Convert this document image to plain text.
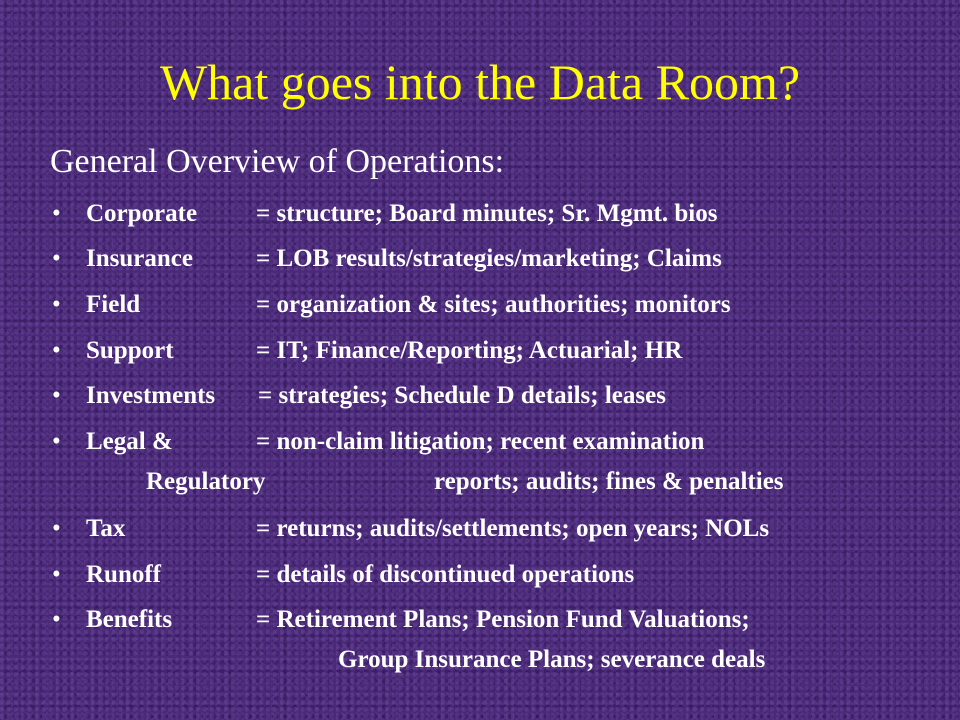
What goes into the Data Room?
General Overview of Operations:
• Corporate = structure; Board minutes; Sr. Mgmt. bios
• Insurance	= LOB results/strategies/marketing; Claims
• Field	= organization & sites; authorities; monitors
• Support	= IT; Finance/Reporting; Actuarial; HR
• Investments = strategies; Schedule D details; leases
• Legal &	= non-claim litigation; recent examination
Regulatory	reports; audits; fines & penalties
• Tax	= returns; audits/settlements; open years; NOLs
• Runoff	= details of discontinued operations
• Benefits	= Retirement Plans; Pension Fund Valuations;
Group Insurance Plans; severance deals
